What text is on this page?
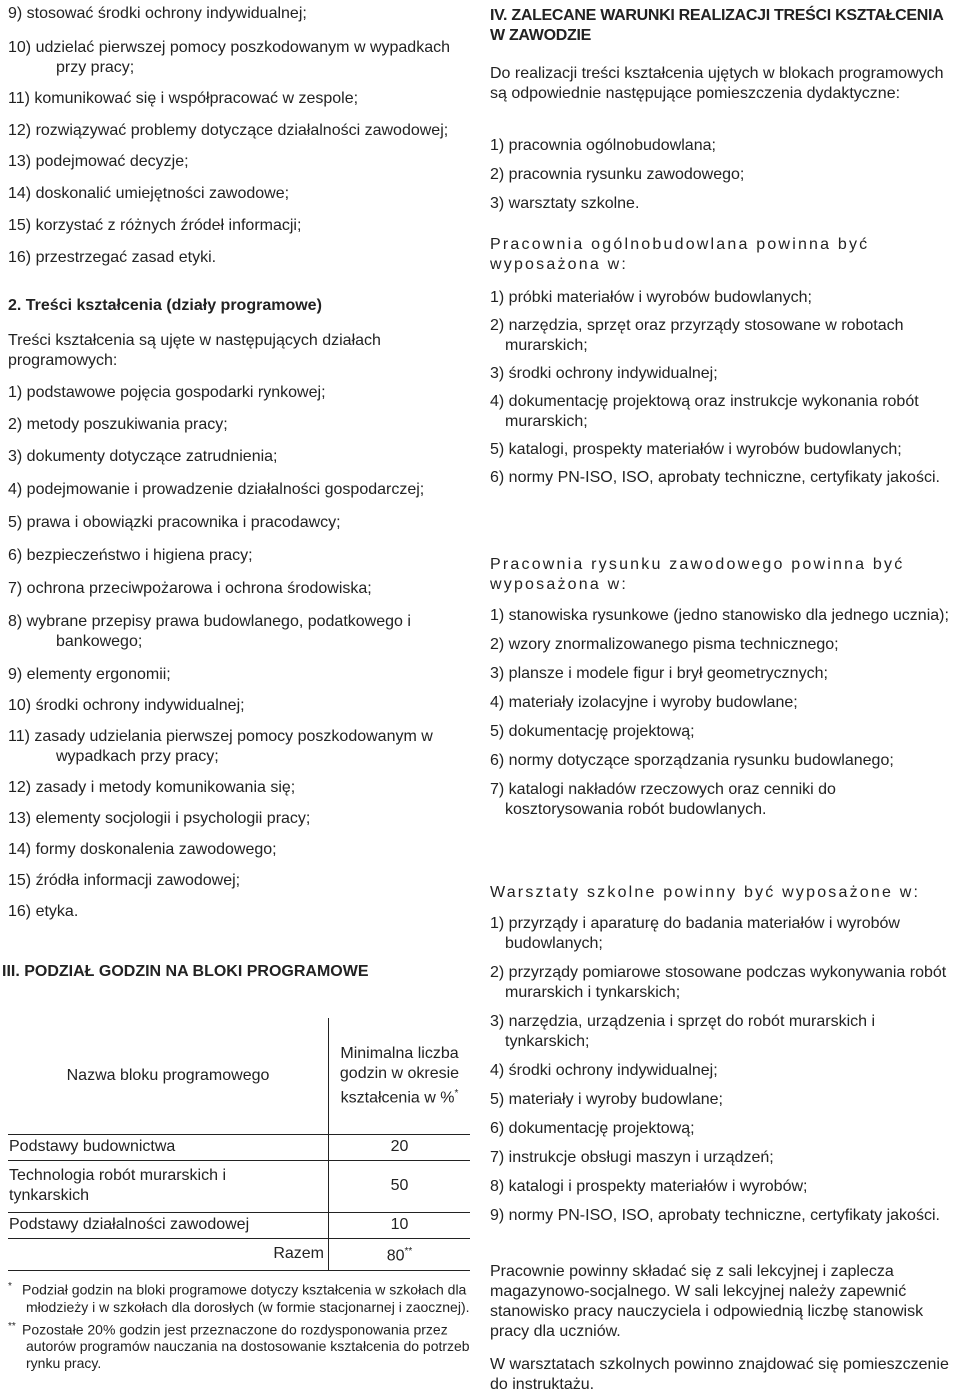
9) stosować środki ochrony indywidualnej;

10) udzielać pierwszej pomocy poszkodowanym w wypadkach przy pracy;

11) komunikować się i współpracować w zespole;

12) rozwiązywać problemy dotyczące działalności zawodowej;

13) podejmować decyzje;

14) doskonalić umiejętności zawodowe;

15) korzystać z różnych źródeł informacji;

16) przestrzegać zasad etyki.

2. Treści kształcenia (działy programowe)

Treści kształcenia są ujęte w następujących działach programowych:

1) podstawowe pojęcia gospodarki rynkowej;

2) metody poszukiwania pracy;

3) dokumenty dotyczące zatrudnienia;

4) podejmowanie i prowadzenie działalności gospodarczej;

5) prawa i obowiązki pracownika i pracodawcy;

6) bezpieczeństwo i higiena pracy;

7) ochrona przeciwpożarowa i ochrona środowiska;

8) wybrane przepisy prawa budowlanego, podatkowego i bankowego;

9) elementy ergonomii;

10) środki ochrony indywidualnej;

11) zasady udzielania pierwszej pomocy poszkodowanym w wypadkach przy pracy;

12) zasady i metody komunikowania się;

13) elementy socjologii i psychologii pracy;

14) formy doskonalenia zawodowego;

15) źródła informacji zawodowej;

16) etyka.

III. PODZIAŁ GODZIN NA BLOKI PROGRAMOWE

Nazwa bloku programowego	Minimalna liczba godzin w okresie kształcenia w %*
Podstawy budownictwa	20
Technologia robót murarskich i tynkarskich	50
Podstawy działalności zawodowej	10
Razem	80**

* Podział godzin na bloki programowe dotyczy kształcenia w szkołach dla młodzieży i w szkołach dla dorosłych (w formie stacjonarnej i zaocznej).

** Pozostałe 20% godzin jest przeznaczone do rozdysponowania przez autorów programów nauczania na dostosowanie kształcenia do potrzeb rynku pracy.

IV. ZALECANE WARUNKI REALIZACJI TREŚCI KSZTAŁCENIA W ZAWODZIE

Do realizacji treści kształcenia ujętych w blokach programowych są odpowiednie następujące pomieszczenia dydaktyczne:

1) pracownia ogólnobudowlana;

2) pracownia rysunku zawodowego;

3) warsztaty szkolne.

Pracownia ogólnobudowlana powinna być wyposażona w:

1) próbki materiałów i wyrobów budowlanych;

2) narzędzia, sprzęt oraz przyrządy stosowane w robotach murarskich;

3) środki ochrony indywidualnej;

4) dokumentację projektową oraz instrukcje wykonania robót murarskich;

5) katalogi, prospekty materiałów i wyrobów budowlanych;

6) normy PN-ISO, ISO, aprobaty techniczne, certyfikaty jakości.

Pracownia rysunku zawodowego powinna być wyposażona w:

1) stanowiska rysunkowe (jedno stanowisko dla jednego ucznia);

2) wzory znormalizowanego pisma technicznego;

3) plansze i modele figur i brył geometrycznych;

4) materiały izolacyjne i wyroby budowlane;

5) dokumentację projektową;

6) normy dotyczące sporządzania rysunku budowlanego;

7) katalogi nakładów rzeczowych oraz cenniki do kosztorysowania robót budowlanych.

Warsztaty szkolne powinny być wyposażone w:

1) przyrządy i aparaturę do badania materiałów i wyrobów budowlanych;

2) przyrządy pomiarowe stosowane podczas wykonywania robót murarskich i tynkarskich;

3) narzędzia, urządzenia i sprzęt do robót murarskich i tynkarskich;

4) środki ochrony indywidualnej;

5) materiały i wyroby budowlane;

6) dokumentację projektową;

7) instrukcje obsługi maszyn i urządzeń;

8) katalogi i prospekty materiałów i wyrobów;

9) normy PN-ISO, ISO, aprobaty techniczne, certyfikaty jakości.

Pracownie powinny składać się z sali lekcyjnej i zaplecza magazynowo-socjalnego. W sali lekcyjnej należy zapewnić stanowisko pracy nauczyciela i odpowiednią liczbę stanowisk pracy dla uczniów.

W warsztatach szkolnych powinno znajdować się pomieszczenie do instruktażu.
